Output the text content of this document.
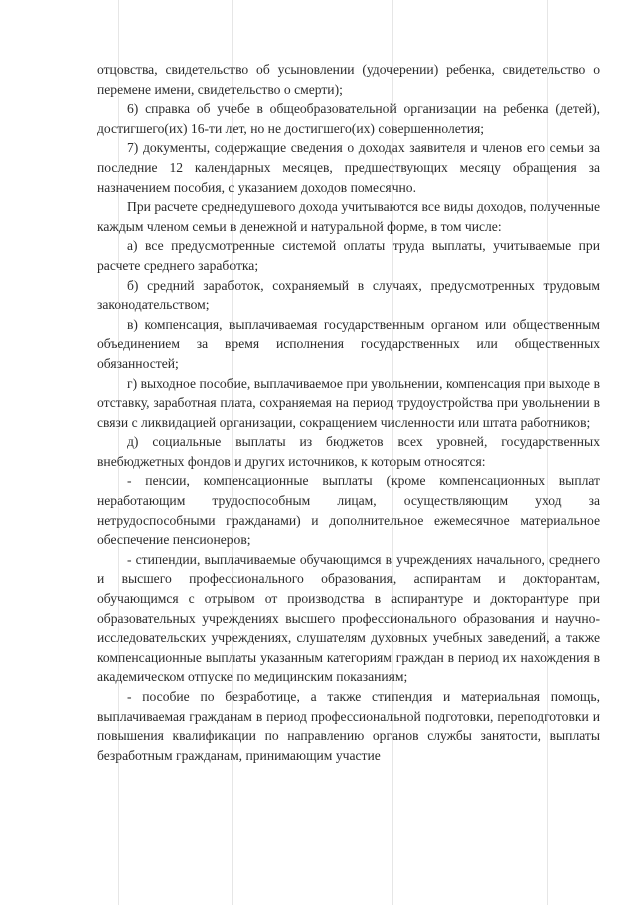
отцовства, свидетельство об усыновлении (удочерении) ребенка, свидетельство о перемене имени, свидетельство о смерти);

6) справка об учебе в общеобразовательной организации на ребенка (детей), достигшего(их) 16-ти лет, но не достигшего(их) совершеннолетия;

7) документы, содержащие сведения о доходах заявителя и членов его семьи за последние 12 календарных месяцев, предшествующих месяцу обращения за назначением пособия, с указанием доходов помесячно.

При расчете среднедушевого дохода учитываются все виды доходов, полученные каждым членом семьи в денежной и натуральной форме, в том числе:

а) все предусмотренные системой оплаты труда выплаты, учитываемые при расчете среднего заработка;

б) средний заработок, сохраняемый в случаях, предусмотренных трудовым законодательством;

в) компенсация, выплачиваемая государственным органом или общественным объединением за время исполнения государственных или общественных обязанностей;

г) выходное пособие, выплачиваемое при увольнении, компенсация при выходе в отставку, заработная плата, сохраняемая на период трудоустройства при увольнении в связи с ликвидацией организации, сокращением численности или штата работников;

д) социальные выплаты из бюджетов всех уровней, государственных внебюджетных фондов и других источников, к которым относятся:

- пенсии, компенсационные выплаты (кроме компенсационных выплат неработающим трудоспособным лицам, осуществляющим уход за нетрудоспособными гражданами) и дополнительное ежемесячное материальное обеспечение пенсионеров;

- стипендии, выплачиваемые обучающимся в учреждениях начального, среднего и высшего профессионального образования, аспирантам и докторантам, обучающимся с отрывом от производства в аспирантуре и докторантуре при образовательных учреждениях высшего профессионального образования и научно-исследовательских учреждениях, слушателям духовных учебных заведений, а также компенсационные выплаты указанным категориям граждан в период их нахождения в академическом отпуске по медицинским показаниям;

- пособие по безработице, а также стипендия и материальная помощь, выплачиваемая гражданам в период профессиональной подготовки, переподготовки и повышения квалификации по направлению органов службы занятости, выплаты безработным гражданам, принимающим участие
